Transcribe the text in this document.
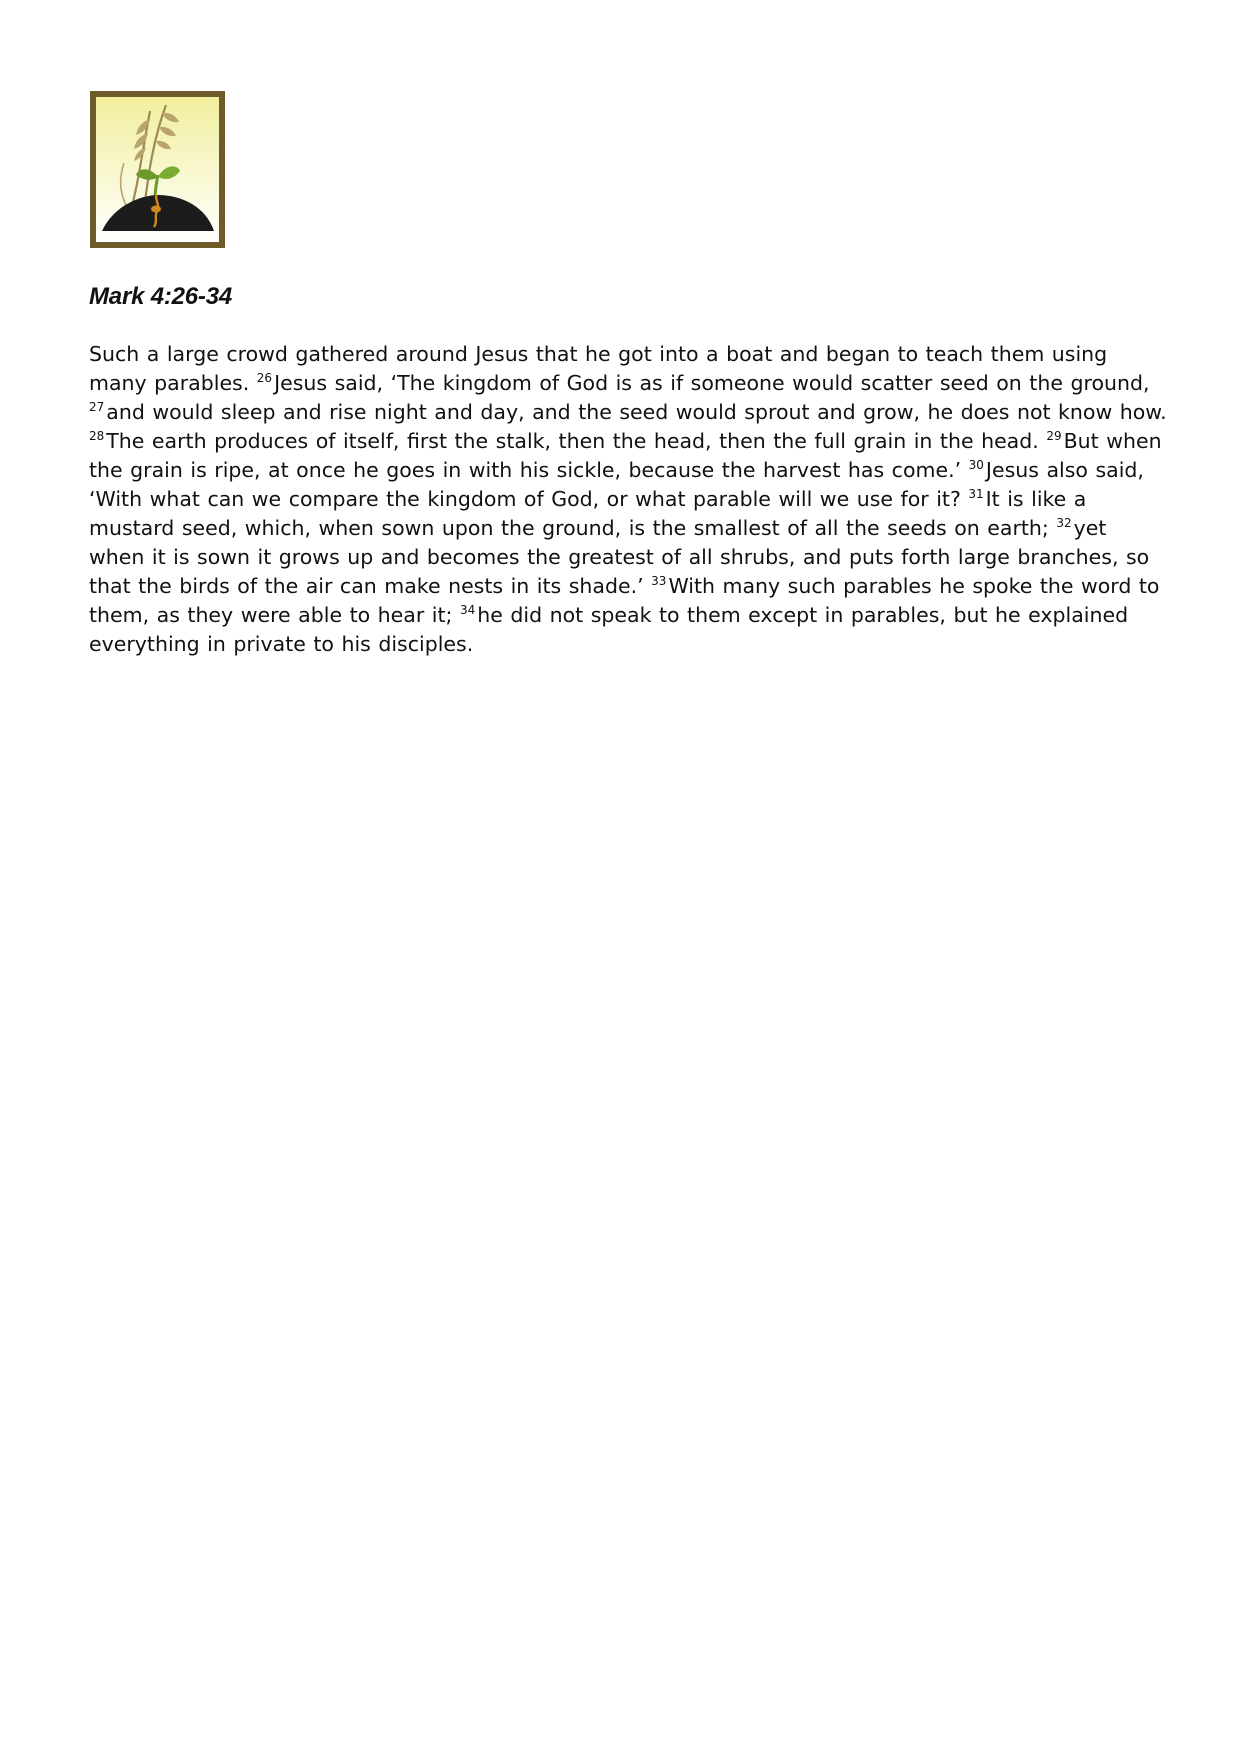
Mark 4:26-34

Such a large crowd gathered around Jesus that he got into a boat and began to teach them using many parables. $^{26}$Jesus said, ‘The kingdom of God is as if someone would scatter seed on the ground, $^{27}$and would sleep and rise night and day, and the seed would sprout and grow, he does not know how. $^{28}$The earth produces of itself, first the stalk, then the head, then the full grain in the head. $^{29}$But when the grain is ripe, at once he goes in with his sickle, because the harvest has come.’ $^{30}$Jesus also said, ‘With what can we compare the kingdom of God, or what parable will we use for it? $^{31}$It is like a mustard seed, which, when sown upon the ground, is the smallest of all the seeds on earth; $^{32}$yet when it is sown it grows up and becomes the greatest of all shrubs, and puts forth large branches, so that the birds of the air can make nests in its shade.’ $^{33}$With many such parables he spoke the word to them, as they were able to hear it; $^{34}$he did not speak to them except in parables, but he explained everything in private to his disciples.
